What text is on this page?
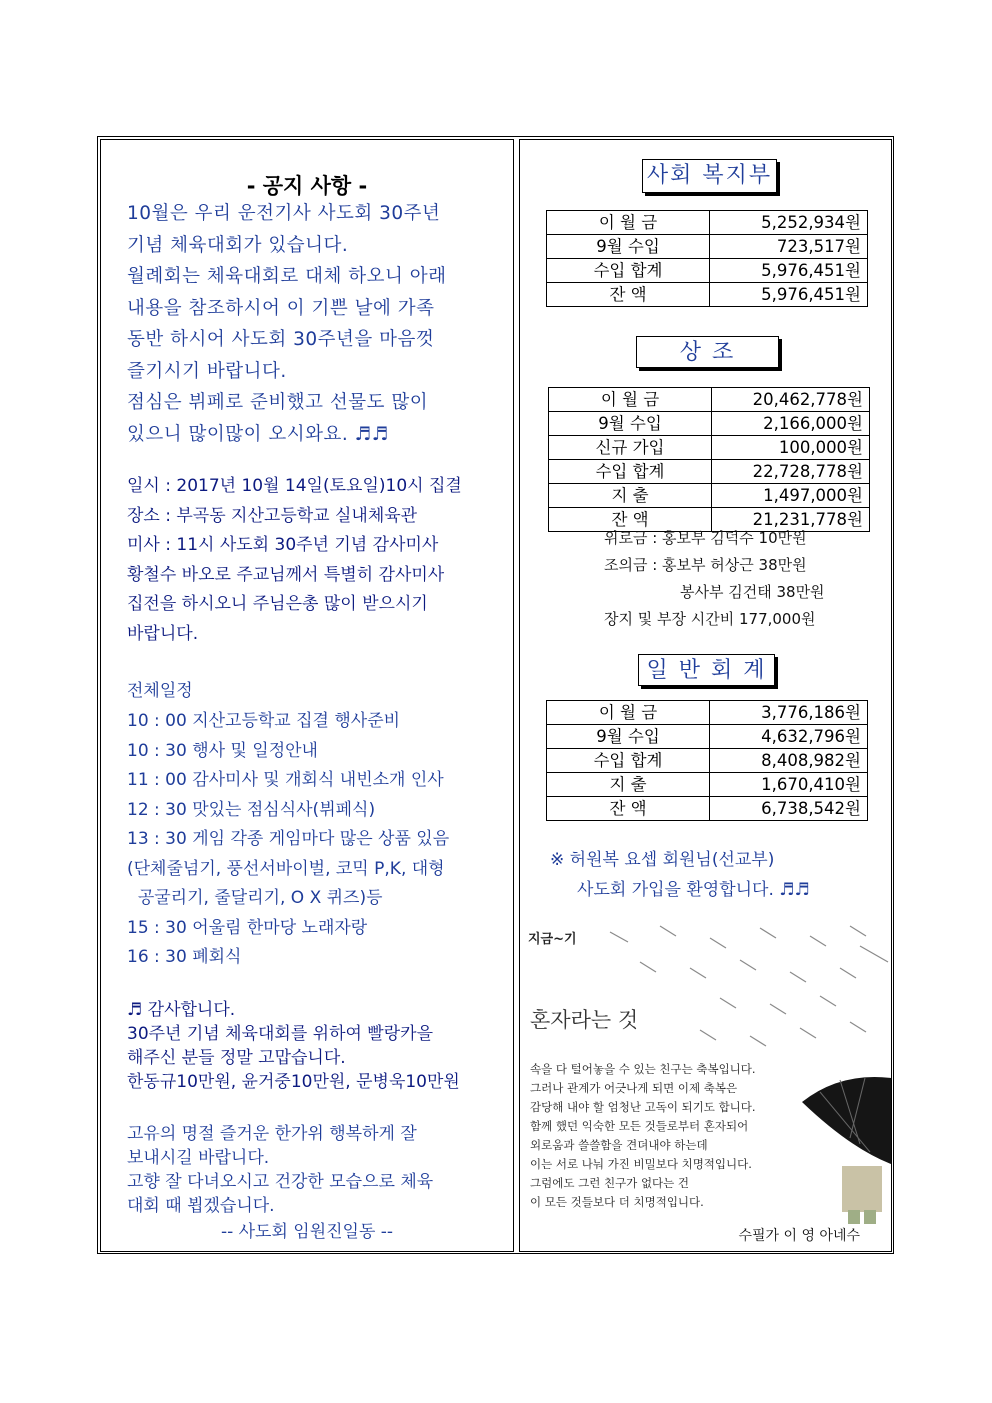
- 공지 사항 -
10월은 우리 운전기사 사도회 30주년
기념 체육대회가 있습니다.
월례회는 체육대회로 대체 하오니 아래
내용을 참조하시어 이 기쁜 날에 가족
동반 하시어 사도회 30주년을 마음껏
즐기시기 바랍니다.
점심은 뷔페로 준비했고 선물도 많이
있으니 많이많이 오시와요. ♬♬
일시 : 2017년 10월 14일(토요일)10시 집결
장소 : 부곡동 지산고등학교 실내체육관
미사 : 11시 사도회 30주년 기념 감사미사
황철수 바오로 주교님께서 특별히 감사미사
집전을 하시오니 주님은총 많이 받으시기
바랍니다.
전체일정
10 : 00 지산고등학교 집결 행사준비
10 : 30 행사 및 일정안내
11 : 00 감사미사 및 개회식 내빈소개 인사
12 : 30 맛있는 점심식사(뷔페식)
13 : 30 게임 각종 게임마다 많은 상품 있음
(단체줄넘기, 풍선서바이벌, 코믹 P,K, 대형
공굴리기, 줄달리기, O X 퀴즈)등
15 : 30 어울림 한마당 노래자랑
16 : 30 폐회식
♬ 감사합니다.
30주년 기념 체육대회를 위하여 빨랑카을
해주신 분들 정말 고맙습니다.
한동규10만원, 윤거중10만원, 문병욱10만원
고유의 명절 즐거운 한가위 행복하게 잘
보내시길 바랍니다.
고향 잘 다녀오시고 건강한 모습으로 체육
대회 때 뵙겠습니다.
-- 사도회 임원진일동 --
사회 복지부
이 월 금	5,252,934원
9월 수입	723,517원
수입 합계	5,976,451원
잔 액	5,976,451원
상 조
이 월 금	20,462,778원
9월 수입	2,166,000원
신규 가입	100,000원
수입 합계	22,728,778원
지 출	1,497,000원
잔 액	21,231,778원
위로금 : 홍보부 김덕수 10만원
조의금 : 홍보부 허상근 38만원
봉사부 김건태 38만원
장지 및 부장 시간비 177,000원
일 반 회 계
이 월 금	3,776,186원
9월 수입	4,632,796원
수입 합계	8,408,982원
지 출	1,670,410원
잔 액	6,738,542원
※ 허원복 요셉 회원님(선교부)
사도회 가입을 환영합니다. ♬♬
지금~기
혼자라는 것
속을 다 털어놓을 수 있는 친구는 축복입니다.
그러나 관계가 어긋나게 되면 이제 축복은
감당해 내야 할 엄청난 고독이 되기도 합니다.
함께 했던 익숙한 모든 것들로부터 혼자되어
외로움과 쓸쓸함을 견뎌내야 하는데
이는 서로 나눠 가진 비밀보다 치명적입니다.
그럼에도 그런 친구가 없다는 건
이 모든 것들보다 더 치명적입니다.
수필가 이 영 아네수
